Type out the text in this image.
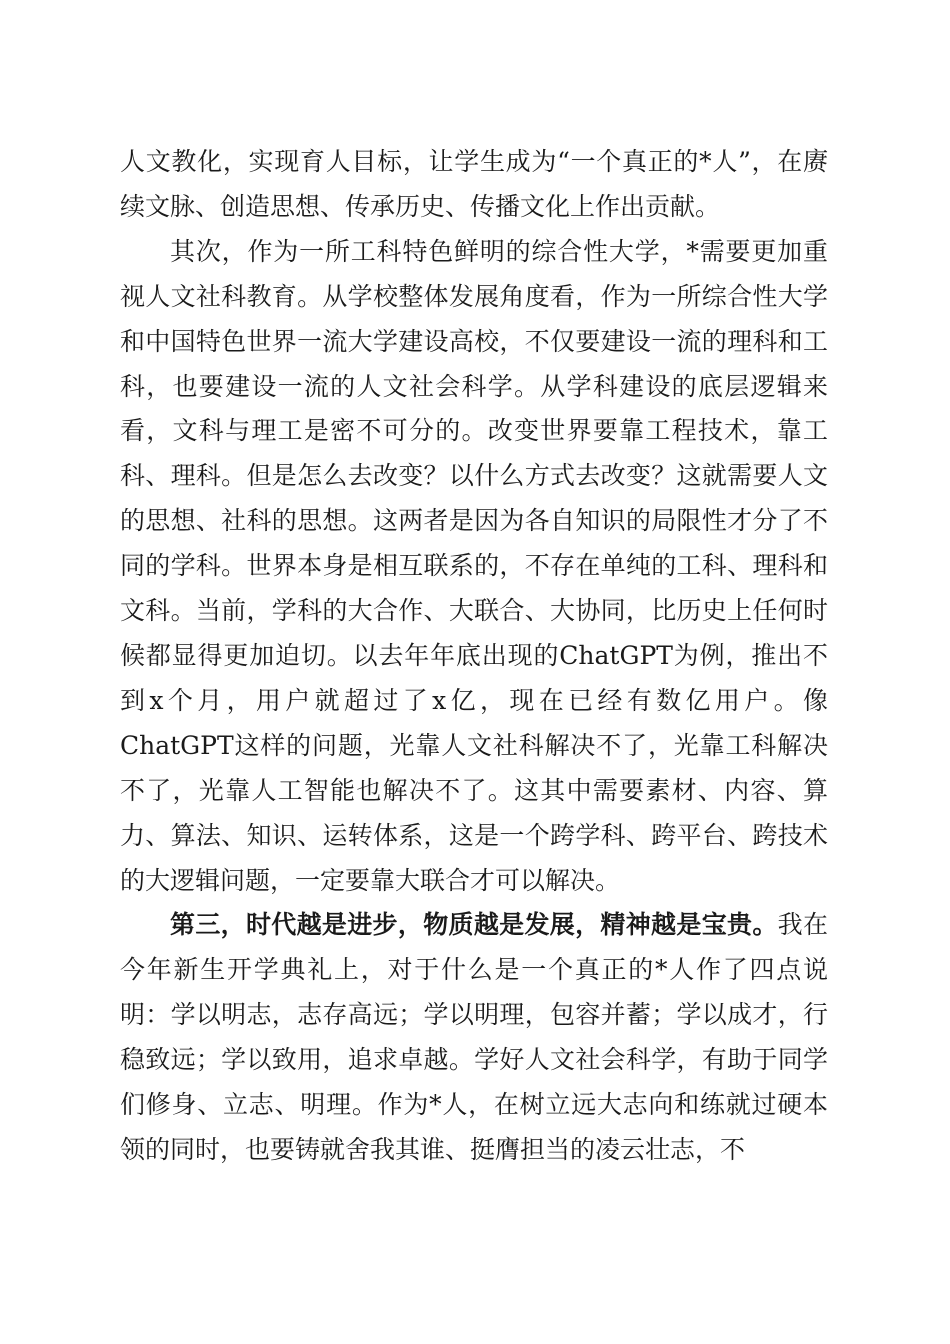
人文教化，实现育人目标，让学生成为“一个真正的*人”，在赓续文脉、创造思想、传承历史、传播文化上作出贡献。

其次，作为一所工科特色鲜明的综合性大学，*需要更加重视人文社科教育。从学校整体发展角度看，作为一所综合性大学和中国特色世界一流大学建设高校，不仅要建设一流的理科和工科，也要建设一流的人文社会科学。从学科建设的底层逻辑来看，文科与理工是密不可分的。改变世界要靠工程技术，靠工科、理科。但是怎么去改变？以什么方式去改变？这就需要人文的思想、社科的思想。这两者是因为各自知识的局限性才分了不同的学科。世界本身是相互联系的，不存在单纯的工科、理科和文科。当前，学科的大合作、大联合、大协同，比历史上任何时候都显得更加迫切。以去年年底出现的ChatGPT为例，推出不到x个月，用户就超过了x亿，现在已经有数亿用户。像ChatGPT这样的问题，光靠人文社科解决不了，光靠工科解决不了，光靠人工智能也解决不了。这其中需要素材、内容、算力、算法、知识、运转体系，这是一个跨学科、跨平台、跨技术的大逻辑问题，一定要靠大联合才可以解决。

第三，时代越是进步，物质越是发展，精神越是宝贵。我在今年新生开学典礼上，对于什么是一个真正的*人作了四点说明：学以明志，志存高远；学以明理，包容并蓄；学以成才，行稳致远；学以致用，追求卓越。学好人文社会科学，有助于同学们修身、立志、明理。作为*人，在树立远大志向和练就过硬本领的同时，也要铸就舍我其谁、挺膺担当的凌云壮志，不
